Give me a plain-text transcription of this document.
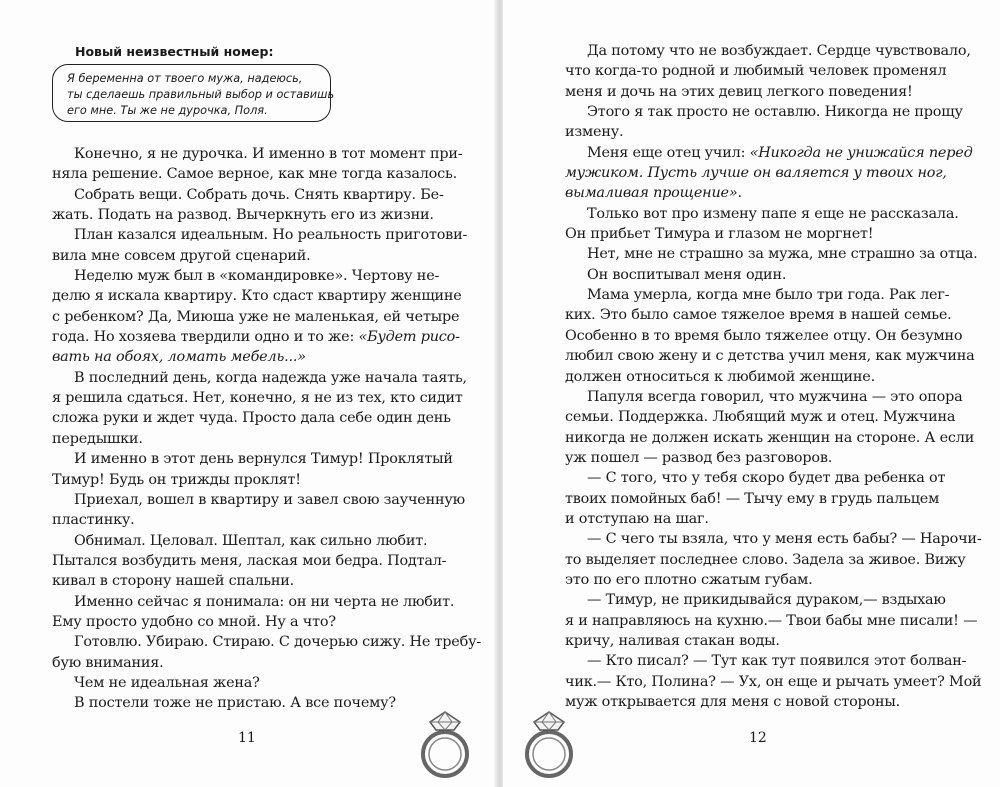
Новый неизвестный номер:
Я беременна от твоего мужа, надеюсь,
ты сделаешь правильный выбор и оставишь
его мне. Ты же не дурочка, Поля.
Конечно, я не дурочка. И именно в тот момент при-
няла решение. Самое верное, как мне тогда казалось.
Собрать вещи. Собрать дочь. Снять квартиру. Бе-
жать. Подать на развод. Вычеркнуть его из жизни.
План казался идеальным. Но реальность приготови-
вила мне совсем другой сценарий.
Неделю муж был в «командировке». Чертову не-
делю я искала квартиру. Кто сдаст квартиру женщине
с ребенком? Да, Миюша уже не маленькая, ей четыре
года. Но хозяева твердили одно и то же: «Будет рисо-
вать на обоях, ломать мебель...»
В последний день, когда надежда уже начала таять,
я решила сдаться. Нет, конечно, я не из тех, кто сидит
сложа руки и ждет чуда. Просто дала себе один день
передышки.
И именно в этот день вернулся Тимур! Проклятый
Тимур! Будь он трижды проклят!
Приехал, вошел в квартиру и завел свою заученную
пластинку.
Обнимал. Целовал. Шептал, как сильно любит.
Пытался возбудить меня, лаская мои бедра. Подтал-
кивал в сторону нашей спальни.
Именно сейчас я понимала: он ни черта не любит.
Ему просто удобно со мной. Ну а что?
Готовлю. Убираю. Стираю. С дочерью сижу. Не требу-
бую внимания.
Чем не идеальная жена?
В постели тоже не пристаю. А все почему?
11
Да потому что не возбуждает. Сердце чувствовало,
что когда-то родной и любимый человек променял
меня и дочь на этих девиц легкого поведения!
Этого я так просто не оставлю. Никогда не прощу
измену.
Меня еще отец учил: «Никогда не унижайся перед
мужиком. Пусть лучше он валяется у твоих ног,
вымаливая прощение».
Только вот про измену папе я еще не рассказала.
Он прибьет Тимура и глазом не моргнет!
Нет, мне не страшно за мужа, мне страшно за отца.
Он воспитывал меня один.
Мама умерла, когда мне было три года. Рак лег-
ких. Это было самое тяжелое время в нашей семье.
Особенно в то время было тяжелее отцу. Он безумно
любил свою жену и с детства учил меня, как мужчина
должен относиться к любимой женщине.
Папуля всегда говорил, что мужчина — это опора
семьи. Поддержка. Любящий муж и отец. Мужчина
никогда не должен искать женщин на стороне. А если
уж пошел — развод без разговоров.
— С того, что у тебя скоро будет два ребенка от
твоих помойных баб! — Тычу ему в грудь пальцем
и отступаю на шаг.
— С чего ты взяла, что у меня есть бабы? — Нарочи-
то выделяет последнее слово. Задела за живое. Вижу
это по его плотно сжатым губам.
— Тимур, не прикидывайся дураком,— вздыхаю
я и направляюсь на кухню.— Твои бабы мне писали! —
кричу, наливая стакан воды.
— Кто писал? — Тут как тут появился этот болван-
чик.— Кто, Полина? — Ух, он еще и рычать умеет? Мой
муж открывается для меня с новой стороны.
12
